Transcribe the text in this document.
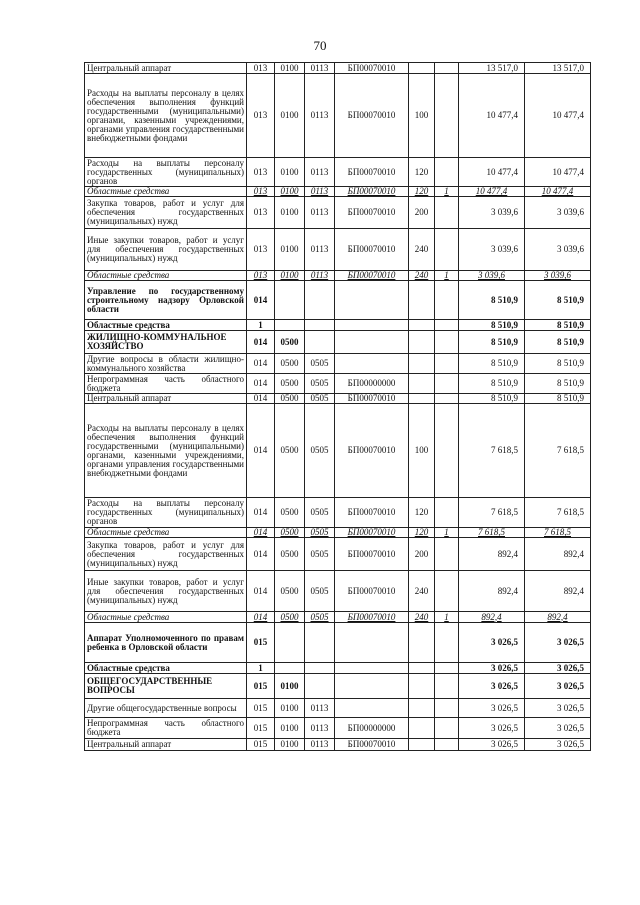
70
Центральный аппарат	013	0100	0113	БП00070010			13 517,0	13 517,0
Расходы на выплаты персоналу в целях обеспечения выполнения функций государственными (муниципальными) органами, казенными учреждениями, органами управления государственными внебюджетными фондами	013	0100	0113	БП00070010	100		10 477,4	10 477,4
Расходы на выплаты персоналу государственных (муниципальных) органов	013	0100	0113	БП00070010	120		10 477,4	10 477,4
Областные средства	013	0100	0113	БП00070010	120	1	10 477,4	10 477,4
Закупка товаров, работ и услуг для обеспечения государственных (муниципальных) нужд	013	0100	0113	БП00070010	200		3 039,6	3 039,6
Иные закупки товаров, работ и услуг для обеспечения государственных (муниципальных) нужд	013	0100	0113	БП00070010	240		3 039,6	3 039,6
Областные средства	013	0100	0113	БП00070010	240	1	3 039,6	3 039,6
Управление по государственному строительному надзору Орловской области	014						8 510,9	8 510,9
Областные средства	1						8 510,9	8 510,9
ЖИЛИЩНО-КОММУНАЛЬНОЕ ХОЗЯЙСТВО	014	0500					8 510,9	8 510,9
Другие вопросы в области жилищно-коммунального хозяйства	014	0500	0505				8 510,9	8 510,9
Непрограммная часть областного бюджета	014	0500	0505	БП00000000			8 510,9	8 510,9
Центральный аппарат	014	0500	0505	БП00070010			8 510,9	8 510,9
Расходы на выплаты персоналу в целях обеспечения выполнения функций государственными (муниципальными) органами, казенными учреждениями, органами управления государственными внебюджетными фондами	014	0500	0505	БП00070010	100		7 618,5	7 618,5
Расходы на выплаты персоналу государственных (муниципальных) органов	014	0500	0505	БП00070010	120		7 618,5	7 618,5
Областные средства	014	0500	0505	БП00070010	120	1	7 618,5	7 618,5
Закупка товаров, работ и услуг для обеспечения государственных (муниципальных) нужд	014	0500	0505	БП00070010	200		892,4	892,4
Иные закупки товаров, работ и услуг для обеспечения государственных (муниципальных) нужд	014	0500	0505	БП00070010	240		892,4	892,4
Областные средства	014	0500	0505	БП00070010	240	1	892,4	892,4
Аппарат Уполномоченного по правам ребенка в Орловской области	015						3 026,5	3 026,5
Областные средства	1						3 026,5	3 026,5
ОБЩЕГОСУДАРСТВЕННЫЕ ВОПРОСЫ	015	0100					3 026,5	3 026,5
Другие общегосударственные вопросы	015	0100	0113				3 026,5	3 026,5
Непрограммная часть областного бюджета	015	0100	0113	БП00000000			3 026,5	3 026,5
Центральный аппарат	015	0100	0113	БП00070010			3 026,5	3 026,5
